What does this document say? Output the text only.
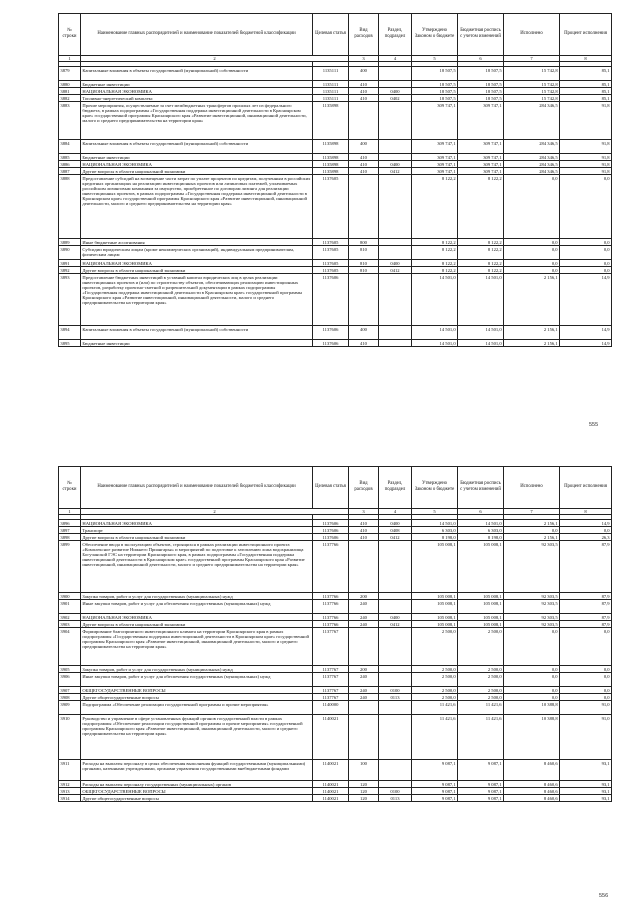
№ строки	Наименование главных распорядителей и наименование показателей бюджетной классификации	Целевая статья	Вид расходов	Раздел, подраздел	Утверждено Законом о бюджете	Бюджетная роспись с учетом изменений	Исполнено	Процент исполнения
1	2		3	4	5	6	7	8

3879	Капитальные вложения в объекты государственной (муниципальной) собственности	1135111	400		18 507,5	18 507,5	15 742,8	85,1
3880	Бюджетные инвестиции	1135111	410		18 507,5	18 507,5	15 742,8	85,1
3881	НАЦИОНАЛЬНАЯ ЭКОНОМИКА	1135111	410	0400	18 507,5	18 507,5	15 742,8	85,1
3882	Топливно-энергетический комплекс	1135111	410	0402	18 507,5	18 507,5	15 742,8	85,1
3883	Прочие мероприятия, осуществляемые за счет межбюджетных трансфертов прошлых лет из федерального бюджета, в рамках подпрограммы «Государственная поддержка инвестиционной деятельности в Красноярском крае» государственной программы Красноярского края «Развитие инвестиционной, инновационной деятельности, малого и среднего предпринимательства на территории края»	1135898			309 747,1	309 747,1	284 346,5	91,8
3884	Капитальные вложения в объекты государственной (муниципальной) собственности	1135898	400		309 747,1	309 747,1	284 346,5	91,8
3885	Бюджетные инвестиции	1135898	410		309 747,1	309 747,1	284 346,5	91,8
3886	НАЦИОНАЛЬНАЯ ЭКОНОМИКА	1135898	410	0400	309 747,1	309 747,1	284 346,5	91,8
3887	Другие вопросы в области национальной экономики	1135898	410	0412	309 747,1	309 747,1	284 346,5	91,8
3888	Предоставление субсидий на возмещение части затрат по уплате процентов по кредитам, полученным в российских кредитных организациях на реализацию инвестиционных проектов или лизинговых платежей, уплачиваемых российским лизинговым компаниям за имущество, приобретенное по договорам лизинга для реализации инвестиционных проектов, в рамках подпрограммы «Государственная поддержка инвестиционной деятельности в Красноярском крае» государственной программы Красноярского края «Развитие инвестиционной, инновационной деятельности, малого и среднего предпринимательства на территории края»	1137605			8 122,2	8 122,2	0,0	0,0
3889	Иные бюджетные ассигнования	1137605	800		8 122,2	8 122,2	0,0	0,0
3890	Субсидии юридическим лицам (кроме некоммерческих организаций), индивидуальным предпринимателям, физическим лицам	1137605	810		8 122,2	8 122,2	0,0	0,0
3891	НАЦИОНАЛЬНАЯ ЭКОНОМИКА	1137605	810	0400	8 122,2	8 122,2	0,0	0,0
3892	Другие вопросы в области национальной экономики	1137605	810	0412	8 122,2	8 122,2	0,0	0,0
3893	Предоставление бюджетных инвестиций в уставный капитал юридических лиц в целях реализации инвестиционных проектов и (или) по строительству объектов, обеспечивающих реализацию инвестиционных проектов, разработку проектно-сметной и разрешительной документации в рамках подпрограммы «Государственная поддержка инвестиционной деятельности в Красноярском крае» государственной программы Красноярского края «Развитие инвестиционной, инновационной деятельности, малого и среднего предпринимательства на территории края»	1137606			14 501,0	14 501,0	2 156,1	14,9
3894	Капитальные вложения в объекты государственной (муниципальной) собственности	1137606	400		14 501,0	14 501,0	2 156,1	14,9
3895	Бюджетные инвестиции	1137606	410		14 501,0	14 501,0	2 156,1	14,9
555
№ строки	Наименование главных распорядителей и наименование показателей бюджетной классификации	Целевая статья	Вид расходов	Раздел, подраздел	Утверждено Законом о бюджете	Бюджетная роспись с учетом изменений	Исполнено	Процент исполнения
1	2		3	4	5	6	7	8

3896	НАЦИОНАЛЬНАЯ ЭКОНОМИКА	1137606	410	0400	14 501,0	14 501,0	2 156,1	14,9
3897	Транспорт	1137606	410	0408	6 303,0	6 303,0	0,0	0,0
3898	Другие вопросы в области национальной экономики	1137606	410	0412	8 198,0	8 198,0	2 156,1	26,3
3899	Обеспечение ввода в эксплуатацию объектов, строящихся в рамках реализации инвестиционного проекта «Комплексное развитие Нижнего Приангарья» и мероприятий по подготовке к затоплению ложа водохранилища Богучанской ГЭС на территории Красноярского края, в рамках подпрограммы «Государственная поддержка инвестиционной деятельности в Красноярском крае» государственной программы Красноярского края «Развитие инвестиционной, инновационной деятельности, малого и среднего предпринимательства на территории края»	1137766			105 008,1	105 008,1	92 303,5	87,9
3900	Закупка товаров, работ и услуг для государственных (муниципальных) нужд	1137766	200		105 008,1	105 008,1	92 303,5	87,9
3901	Иные закупки товаров, работ и услуг для обеспечения государственных (муниципальных) нужд	1137766	240		105 008,1	105 008,1	92 303,5	87,9
3902	НАЦИОНАЛЬНАЯ ЭКОНОМИКА	1137766	240	0400	105 008,1	105 008,1	92 303,5	87,9
3903	Другие вопросы в области национальной экономики	1137766	240	0412	105 008,1	105 008,1	92 303,5	87,9
3904	Формирование благоприятного инвестиционного климата на территории Красноярского края в рамках подпрограммы «Государственная поддержка инвестиционной деятельности в Красноярском крае» государственной программы Красноярского края «Развитие инвестиционной, инновационной деятельности, малого и среднего предпринимательства на территории края»	1137767			2 500,0	2 500,0	0,0	0,0
3905	Закупка товаров, работ и услуг для государственных (муниципальных) нужд	1137767	200		2 500,0	2 500,0	0,0	0,0
3906	Иные закупки товаров, работ и услуг для обеспечения государственных (муниципальных) нужд	1137767	240		2 500,0	2 500,0	0,0	0,0
3907	ОБЩЕГОСУДАРСТВЕННЫЕ ВОПРОСЫ	1137767	240	0100	2 500,0	2 500,0	0,0	0,0
3908	Другие общегосударственные вопросы	1137767	240	0113	2 500,0	2 500,0	0,0	0,0
3909	Подпрограмма «Обеспечение реализации государственной программы и прочие мероприятия»	1140000			11 421,6	11 421,6	10 388,8	91,0
3910	Руководство и управление в сфере установленных функций органов государственной власти в рамках подпрограммы «Обеспечение реализации государственной программы и прочие мероприятия» государственной программы Красноярского края «Развитие инвестиционной, инновационной деятельности, малого и среднего предпринимательства на территории края»	1140021			11 421,6	11 421,6	10 388,8	91,0
3911	Расходы на выплаты персоналу в целях обеспечения выполнения функций государственными (муниципальными) органами, казенными учреждениями, органами управления государственными внебюджетными фондами	1140021	100		9 087,1	9 087,1	8 460,6	93,1
3912	Расходы на выплаты персоналу государственных (муниципальных) органов	1140021	120		9 087,1	9 087,1	8 460,6	93,1
3913	ОБЩЕГОСУДАРСТВЕННЫЕ ВОПРОСЫ	1140021	120	0100	9 087,1	9 087,1	8 460,6	93,1
3914	Другие общегосударственные вопросы	1140021	120	0113	9 087,1	9 087,1	8 460,6	93,1
556
